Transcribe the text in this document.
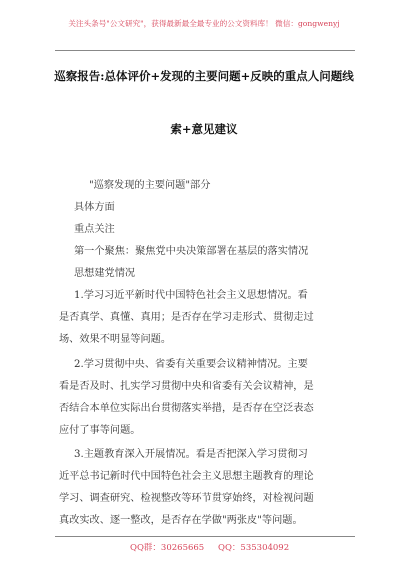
关注头条号"公文研究"，获得最新最全最专业的公文资料库！ 微信：gongwenyj
巡察报告:总体评价+发现的主要问题+反映的重点人问题线
索+意见建议
"巡察发现的主要问题"部分
具体方面
重点关注
第一个聚焦：聚焦党中央决策部署在基层的落实情况
思想建党情况
1.学习习近平新时代中国特色社会主义思想情况。看
是否真学、真懂、真用；是否存在学习走形式、贯彻走过
场、效果不明显等问题。
2.学习贯彻中央、省委有关重要会议精神情况。主要
看是否及时、扎实学习贯彻中央和省委有关会议精神，是
否结合本单位实际出台贯彻落实举措，是否存在空泛表态
应付了事等问题。
3.主题教育深入开展情况。看是否把深入学习贯彻习
近平总书记新时代中国特色社会主义思想主题教育的理论
学习、调查研究、检视整改等环节贯穿始终，对检视问题
真改实改、逐一整改，是否存在学做"两张皮"等问题。
QQ群：30265665 QQ：535304092
